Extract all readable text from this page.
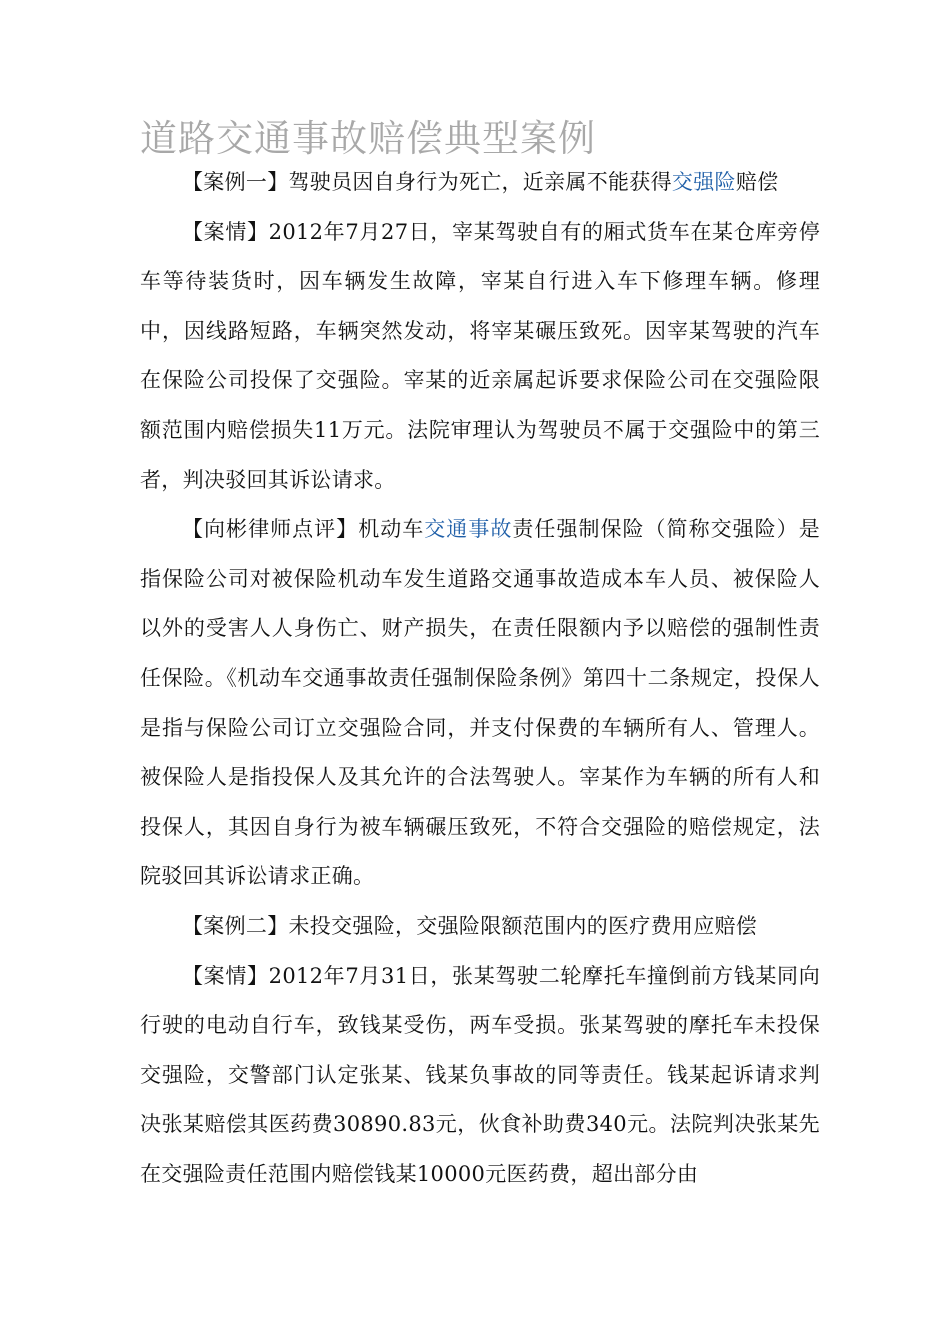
道路交通事故赔偿典型案例

【案例一】驾驶员因自身行为死亡，近亲属不能获得交强险赔偿

【案情】2012年7月27日，宰某驾驶自有的厢式货车在某仓库旁停车等待装货时，因车辆发生故障，宰某自行进入车下修理车辆。修理中，因线路短路，车辆突然发动，将宰某碾压致死。因宰某驾驶的汽车在保险公司投保了交强险。宰某的近亲属起诉要求保险公司在交强险限额范围内赔偿损失11万元。法院审理认为驾驶员不属于交强险中的第三者，判决驳回其诉讼请求。

【向彬律师点评】机动车交通事故责任强制保险（简称交强险）是指保险公司对被保险机动车发生道路交通事故造成本车人员、被保险人以外的受害人人身伤亡、财产损失，在责任限额内予以赔偿的强制性责任保险。《机动车交通事故责任强制保险条例》第四十二条规定，投保人是指与保险公司订立交强险合同，并支付保费的车辆所有人、管理人。被保险人是指投保人及其允许的合法驾驶人。宰某作为车辆的所有人和投保人，其因自身行为被车辆碾压致死，不符合交强险的赔偿规定，法院驳回其诉讼请求正确。

【案例二】未投交强险，交强险限额范围内的医疗费用应赔偿

【案情】2012年7月31日，张某驾驶二轮摩托车撞倒前方钱某同向行驶的电动自行车，致钱某受伤，两车受损。张某驾驶的摩托车未投保交强险，交警部门认定张某、钱某负事故的同等责任。钱某起诉请求判决张某赔偿其医药费30890.83元，伙食补助费340元。法院判决张某先在交强险责任范围内赔偿钱某10000元医药费，超出部分由
